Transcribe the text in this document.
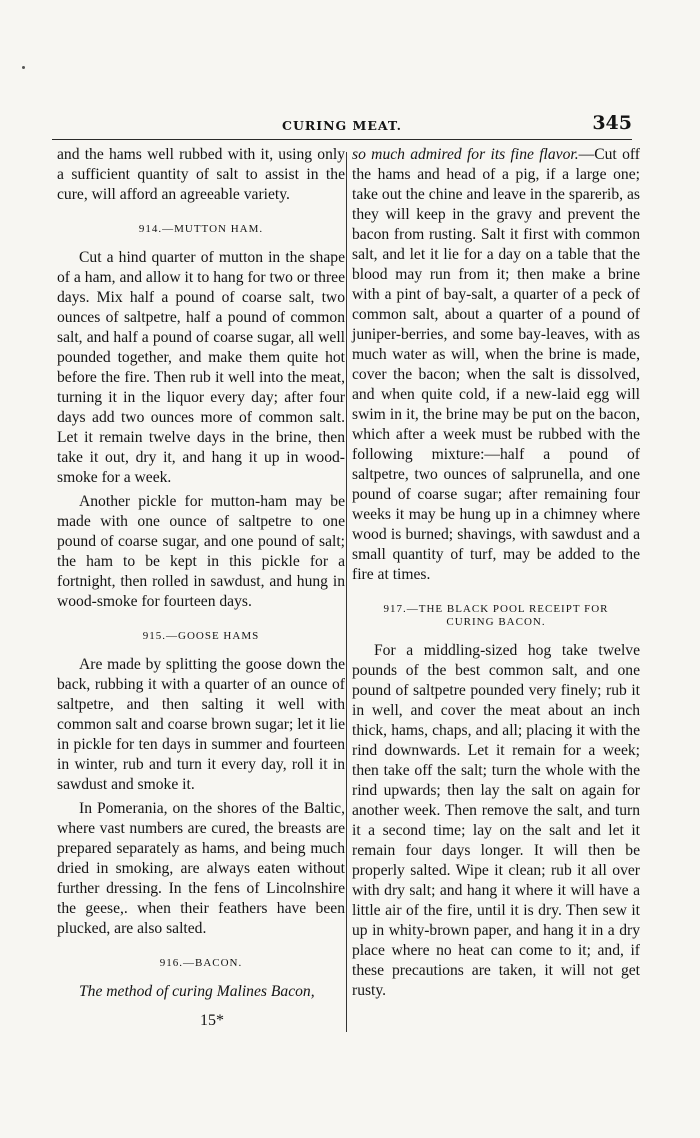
CURING MEAT.	345

and the hams well rubbed with it, using only a sufficient quantity of salt to assist in the cure, will afford an agreeable variety.

914.—MUTTON HAM.

Cut a hind quarter of mutton in the shape of a ham, and allow it to hang for two or three days. Mix half a pound of coarse salt, two ounces of saltpetre, half a pound of common salt, and half a pound of coarse sugar, all well pounded together, and make them quite hot before the fire. Then rub it well into the meat, turning it in the liquor every day; after four days add two ounces more of common salt. Let it remain twelve days in the brine, then take it out, dry it, and hang it up in wood-smoke for a week.

Another pickle for mutton-ham may be made with one ounce of saltpetre to one pound of coarse sugar, and one pound of salt; the ham to be kept in this pickle for a fortnight, then rolled in sawdust, and hung in wood-smoke for fourteen days.

915.—GOOSE HAMS

Are made by splitting the goose down the back, rubbing it with a quarter of an ounce of saltpetre, and then salting it well with common salt and coarse brown sugar; let it lie in pickle for ten days in summer and fourteen in winter, rub and turn it every day, roll it in sawdust and smoke it.

In Pomerania, on the shores of the Baltic, where vast numbers are cured, the breasts are prepared separately as hams, and being much dried in smoking, are always eaten without further dressing. In the fens of Lincolnshire the geese,. when their feathers have been plucked, are also salted.

916.—BACON.

The method of curing Malines Bacon,

15*

so much admired for its fine flavor.—Cut off the hams and head of a pig, if a large one; take out the chine and leave in the sparerib, as they will keep in the gravy and prevent the bacon from rusting. Salt it first with common salt, and let it lie for a day on a table that the blood may run from it; then make a brine with a pint of bay-salt, a quarter of a peck of common salt, about a quarter of a pound of juniper-berries, and some bay-leaves, with as much water as will, when the brine is made, cover the bacon; when the salt is dissolved, and when quite cold, if a new-laid egg will swim in it, the brine may be put on the bacon, which after a week must be rubbed with the following mixture:—half a pound of saltpetre, two ounces of salprunella, and one pound of coarse sugar; after remaining four weeks it may be hung up in a chimney where wood is burned; shavings, with sawdust and a small quantity of turf, may be added to the fire at times.

917.—THE BLACK POOL RECEIPT FOR
CURING BACON.

For a middling-sized hog take twelve pounds of the best common salt, and one pound of saltpetre pounded very finely; rub it in well, and cover the meat about an inch thick, hams, chaps, and all; placing it with the rind downwards. Let it remain for a week; then take off the salt; turn the whole with the rind upwards; then lay the salt on again for another week. Then remove the salt, and turn it a second time; lay on the salt and let it remain four days longer. It will then be properly salted. Wipe it clean; rub it all over with dry salt; and hang it where it will have a little air of the fire, until it is dry. Then sew it up in whity-brown paper, and hang it in a dry place where no heat can come to it; and, if these precautions are taken, it will not get rusty.
